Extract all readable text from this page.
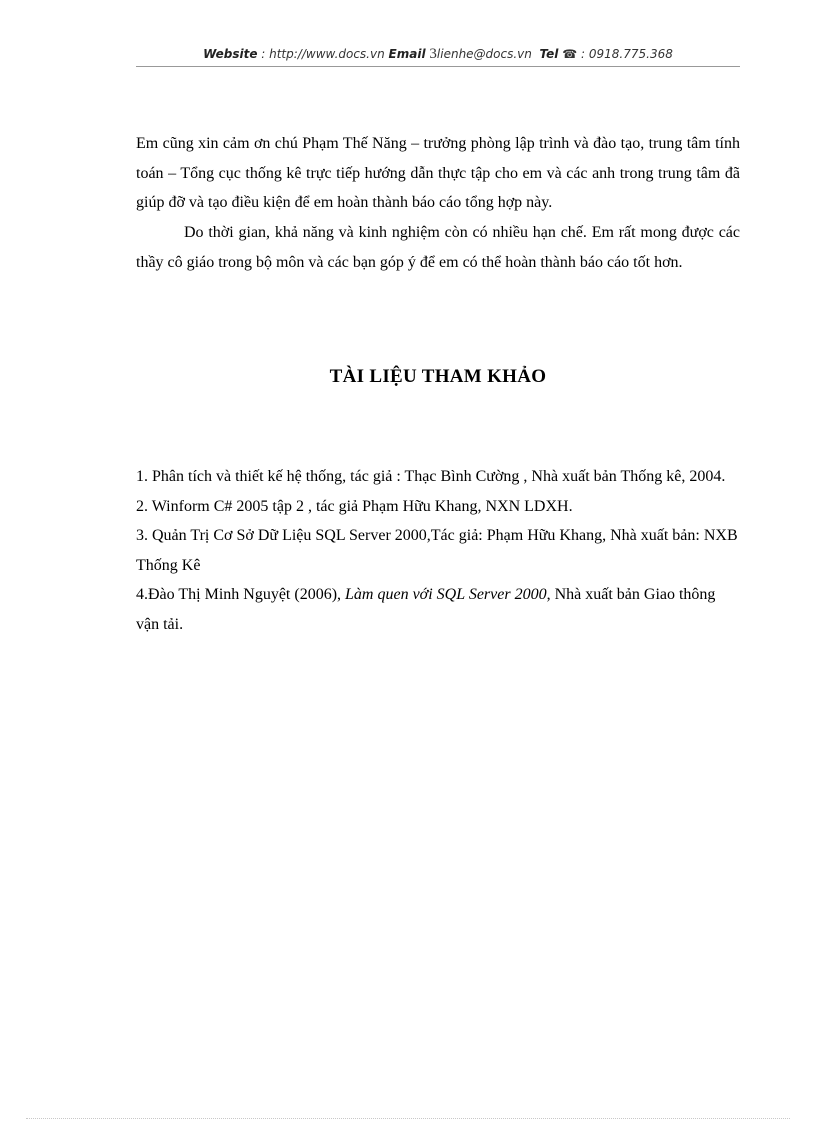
Website : http://www.docs.vn Email 3lienhe@docs.vn Tel ☎ : 0918.775.368
Em cũng xin cảm ơn chú Phạm Thế Năng – trưởng phòng lập trình và đào tạo, trung tâm tính toán – Tổng cục thống kê trực tiếp hướng dẫn thực tập cho em và các anh trong trung tâm đã giúp đỡ và tạo điều kiện để em hoàn thành báo cáo tổng hợp này.
Do thời gian, khả năng và kinh nghiệm còn có nhiều hạn chế. Em rất mong được các thầy cô giáo trong bộ môn và các bạn góp ý để em có thể hoàn thành báo cáo tốt hơn.
TÀI LIỆU THAM KHẢO

1. Phân tích và thiết kế hệ thống, tác giả : Thạc Bình Cường , Nhà xuất bản Thống kê, 2004.

2. Winform C# 2005 tập 2 , tác giả Phạm Hữu Khang, NXN LDXH.

3. Quản Trị Cơ Sở Dữ Liệu SQL Server 2000,Tác giả: Phạm Hữu Khang, Nhà xuất bản: NXB Thống Kê

4.Đào Thị Minh Nguyệt (2006), Làm quen với SQL Server 2000, Nhà xuất bản Giao thông vận tải.
